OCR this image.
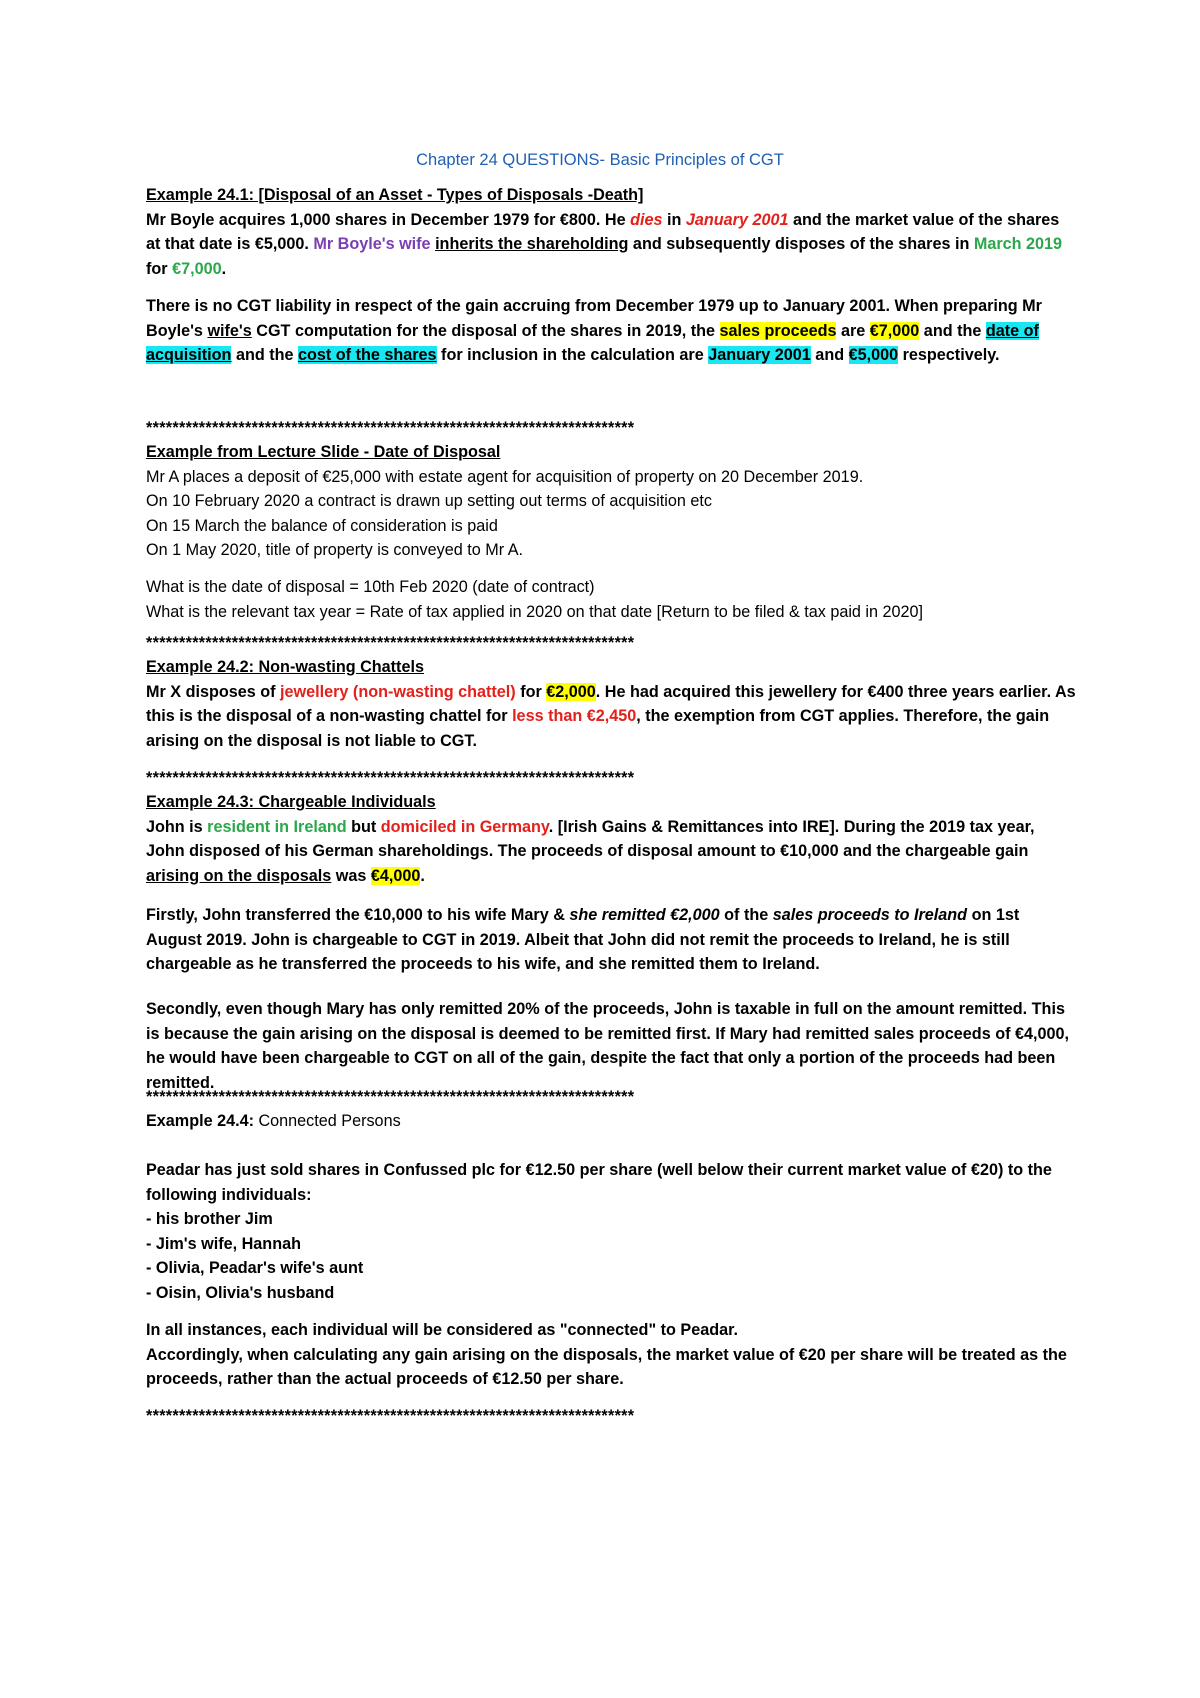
Chapter 24 QUESTIONS- Basic Principles of CGT

Example 24.1: [Disposal of an Asset - Types of Disposals -Death]

Mr Boyle acquires 1,000 shares in December 1979 for €800. He dies in January 2001 and the market value of the shares at that date is €5,000. Mr Boyle's wife inherits the shareholding and subsequently disposes of the shares in March 2019 for €7,000.

There is no CGT liability in respect of the gain accruing from December 1979 up to January 2001. When preparing Mr Boyle's wife's CGT computation for the disposal of the shares in 2019, the sales proceeds are €7,000 and the date of acquisition and the cost of the shares for inclusion in the calculation are January 2001 and €5,000 respectively.

**************************************************************************

Example from Lecture Slide - Date of Disposal

Mr A places a deposit of €25,000 with estate agent for acquisition of property on 20 December 2019.

On 10 February 2020 a contract is drawn up setting out terms of acquisition etc

On 15 March the balance of consideration is paid

On 1 May 2020, title of property is conveyed to Mr A.

What is the date of disposal = 10th Feb 2020 (date of contract)

What is the relevant tax year = Rate of tax applied in 2020 on that date [Return to be filed & tax paid in 2020]

**************************************************************************

Example 24.2: Non-wasting Chattels

Mr X disposes of jewellery (non-wasting chattel) for €2,000. He had acquired this jewellery for €400 three years earlier. As this is the disposal of a non-wasting chattel for less than €2,450, the exemption from CGT applies. Therefore, the gain arising on the disposal is not liable to CGT.

**************************************************************************

Example 24.3: Chargeable Individuals

John is resident in Ireland but domiciled in Germany. [Irish Gains & Remittances into IRE]. During the 2019 tax year, John disposed of his German shareholdings. The proceeds of disposal amount to €10,000 and the chargeable gain arising on the disposals was €4,000.

Firstly, John transferred the €10,000 to his wife Mary & she remitted €2,000 of the sales proceeds to Ireland on 1st August 2019. John is chargeable to CGT in 2019. Albeit that John did not remit the proceeds to Ireland, he is still chargeable as he transferred the proceeds to his wife, and she remitted them to Ireland.

Secondly, even though Mary has only remitted 20% of the proceeds, John is taxable in full on the amount remitted. This is because the gain arising on the disposal is deemed to be remitted first. If Mary had remitted sales proceeds of €4,000, he would have been chargeable to CGT on all of the gain, despite the fact that only a portion of the proceeds had been remitted.

**************************************************************************

Example 24.4: Connected Persons

Peadar has just sold shares in Confussed plc for €12.50 per share (well below their current market value of €20) to the following individuals:

- his brother Jim

- Jim's wife, Hannah

- Olivia, Peadar's wife's aunt

- Oisin, Olivia's husband

In all instances, each individual will be considered as "connected" to Peadar.

Accordingly, when calculating any gain arising on the disposals, the market value of €20 per share will be treated as the proceeds, rather than the actual proceeds of €12.50 per share.

**************************************************************************
